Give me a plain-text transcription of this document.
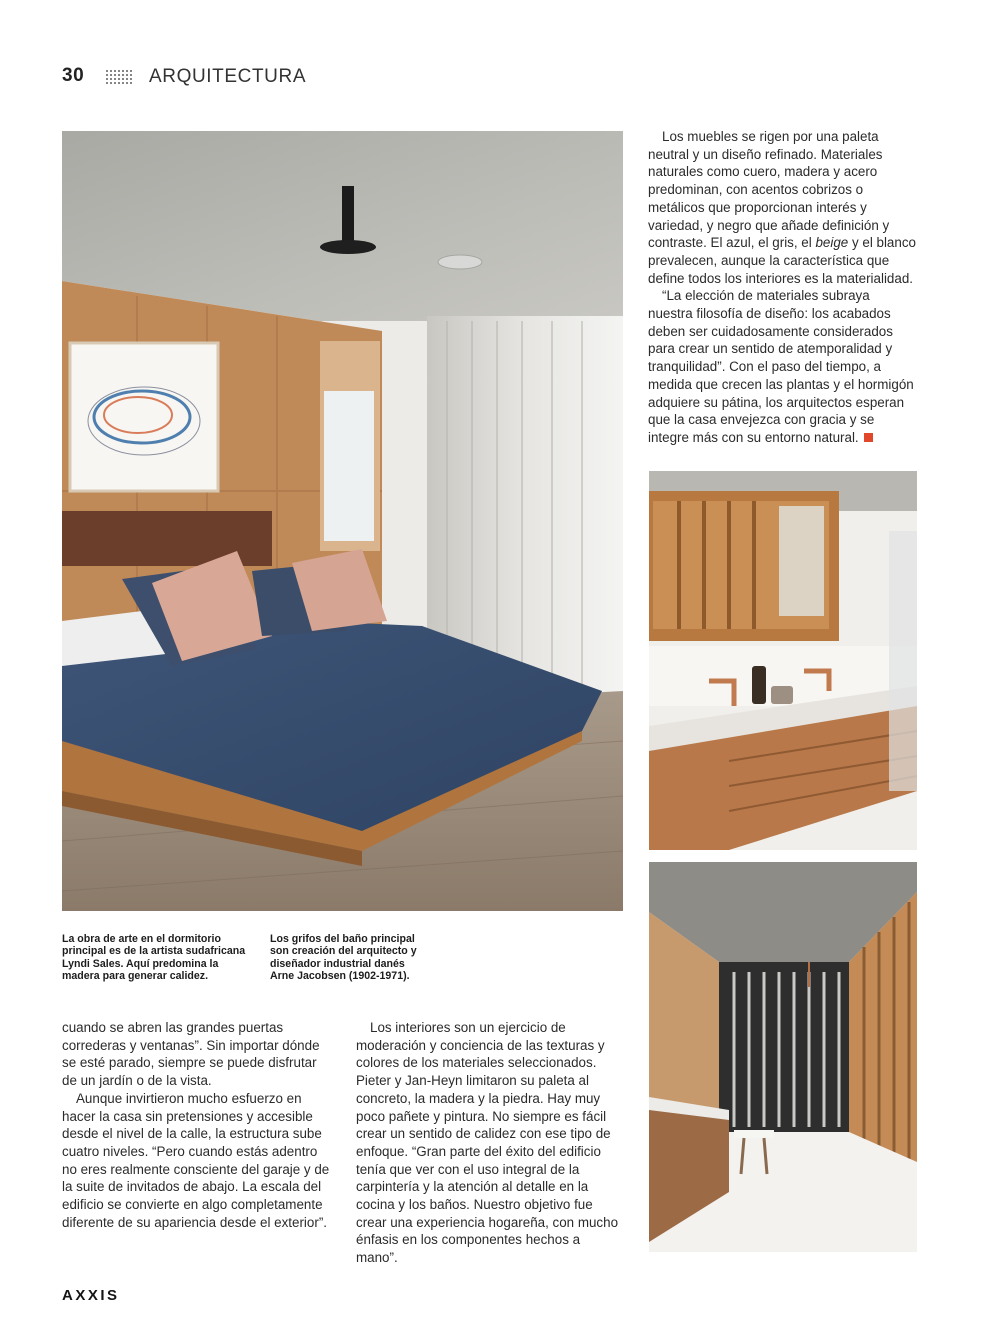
30	ARQUITECTURA

Los muebles se rigen por una paleta neutral y un diseño refinado. Materiales naturales como cuero, madera y acero predominan, con acentos cobrizos o metálicos que proporcionan interés y variedad, y negro que añade definición y contraste. El azul, el gris, el beige y el blanco prevalecen, aunque la característica que define todos los interiores es la materialidad.

“La elección de materiales subraya nuestra filosofía de diseño: los acabados deben ser cuidadosamente considerados para crear un sentido de atemporalidad y tranquilidad”. Con el paso del tiempo, a medida que crecen las plantas y el hormigón adquiere su pátina, los arquitectos esperan que la casa envejezca con gracia y se integre más con su entorno natural.

La obra de arte en el dormitorio principal es de la artista sudafricana Lyndi Sales. Aquí predomina la madera para generar calidez.
Los grifos del baño principal son creación del arquitecto y diseñador industrial danés Arne Jacobsen (1902-1971).

cuando se abren las grandes puertas correderas y ventanas”. Sin importar dónde se esté parado, siempre se puede disfrutar de un jardín o de la vista.

Aunque invirtieron mucho esfuerzo en hacer la casa sin pretensiones y accesible desde el nivel de la calle, la estructura sube cuatro niveles. “Pero cuando estás adentro no eres realmente consciente del garaje y de la suite de invitados de abajo. La escala del edificio se convierte en algo completamente diferente de su apariencia desde el exterior”.

Los interiores son un ejercicio de moderación y conciencia de las texturas y colores de los materiales seleccionados. Pieter y Jan-Heyn limitaron su paleta al concreto, la madera y la piedra. Hay muy poco pañete y pintura. No siempre es fácil crear un sentido de calidez con ese tipo de enfoque. “Gran parte del éxito del edificio tenía que ver con el uso integral de la carpintería y la atención al detalle en la cocina y los baños. Nuestro objetivo fue crear una experiencia hogareña, con mucho énfasis en los componentes hechos a mano”.

AXXIS
